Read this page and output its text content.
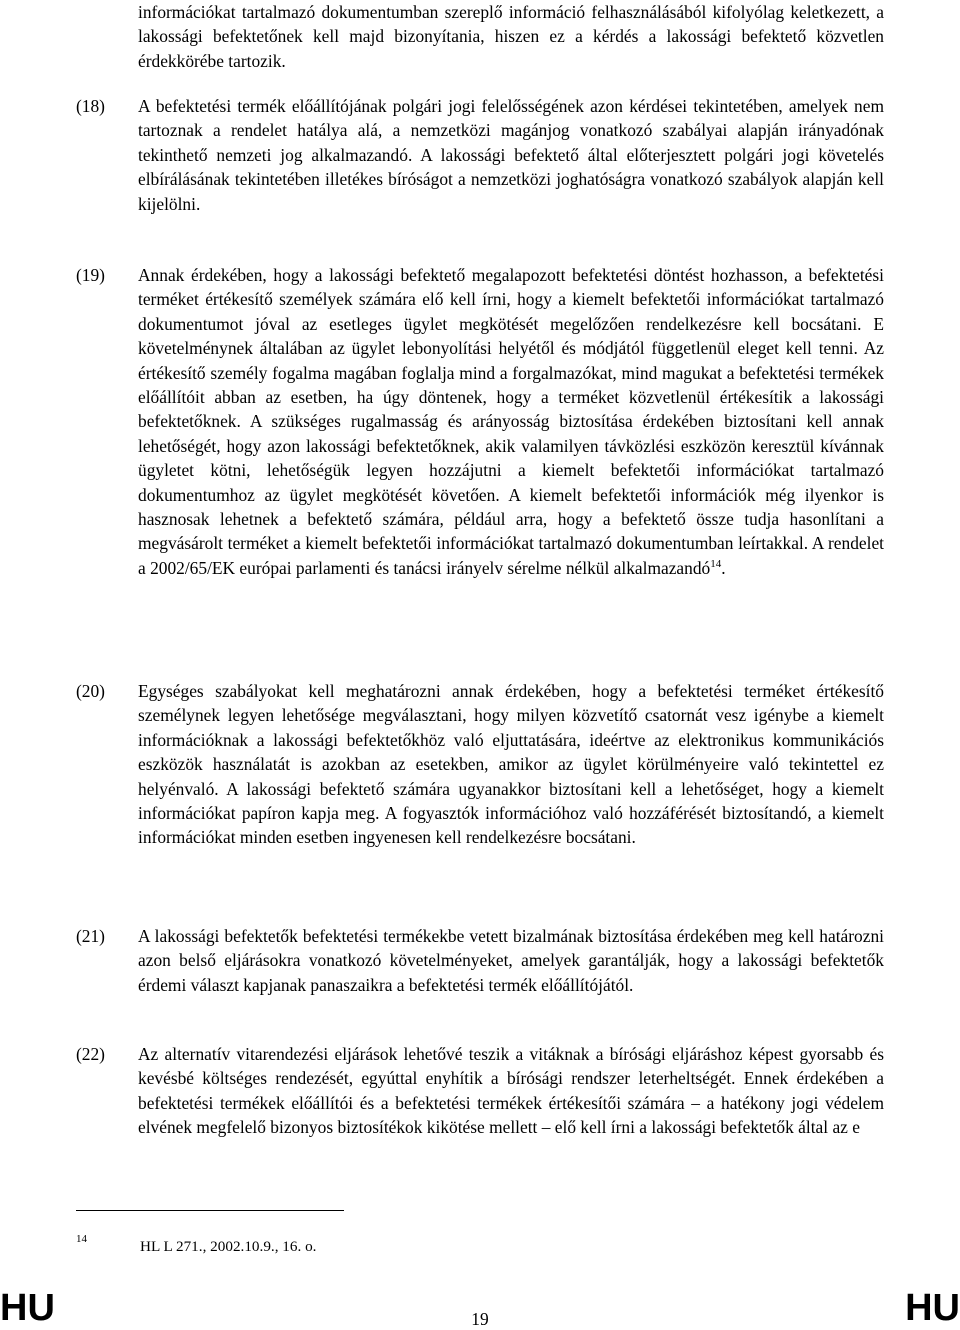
információkat tartalmazó dokumentumban szereplő információ felhasználásából kifolyólag keletkezett, a lakossági befektetőnek kell majd bizonyítania, hiszen ez a kérdés a lakossági befektető közvetlen érdekkörébe tartozik.

(18) A befektetési termék előállítójának polgári jogi felelősségének azon kérdései tekintetében, amelyek nem tartoznak a rendelet hatálya alá, a nemzetközi magánjog vonatkozó szabályai alapján irányadónak tekinthető nemzeti jog alkalmazandó. A lakossági befektető által előterjesztett polgári jogi követelés elbírálásának tekintetében illetékes bíróságot a nemzetközi joghatóságra vonatkozó szabályok alapján kell kijelölni.

(19) Annak érdekében, hogy a lakossági befektető megalapozott befektetési döntést hozhasson, a befektetési terméket értékesítő személyek számára elő kell írni, hogy a kiemelt befektetői információkat tartalmazó dokumentumot jóval az esetleges ügylet megkötését megelőzően rendelkezésre kell bocsátani. E követelménynek általában az ügylet lebonyolítási helyétől és módjától függetlenül eleget kell tenni. Az értékesítő személy fogalma magában foglalja mind a forgalmazókat, mind magukat a befektetési termékek előállítóit abban az esetben, ha úgy döntenek, hogy a terméket közvetlenül értékesítik a lakossági befektetőknek. A szükséges rugalmasság és arányosság biztosítása érdekében biztosítani kell annak lehetőségét, hogy azon lakossági befektetőknek, akik valamilyen távközlési eszközön keresztül kívánnak ügyletet kötni, lehetőségük legyen hozzájutni a kiemelt befektetői információkat tartalmazó dokumentumhoz az ügylet megkötését követően. A kiemelt befektetői információk még ilyenkor is hasznosak lehetnek a befektető számára, például arra, hogy a befektető össze tudja hasonlítani a megvásárolt terméket a kiemelt befektetői információkat tartalmazó dokumentumban leírtakkal. A rendelet a 2002/65/EK európai parlamenti és tanácsi irányelv sérelme nélkül alkalmazandó$^{14}$.

(20) Egységes szabályokat kell meghatározni annak érdekében, hogy a befektetési terméket értékesítő személynek legyen lehetősége megválasztani, hogy milyen közvetítő csatornát vesz igénybe a kiemelt információknak a lakossági befektetőkhöz való eljuttatására, ideértve az elektronikus kommunikációs eszközök használatát is azokban az esetekben, amikor az ügylet körülményeire való tekintettel ez helyénvaló. A lakossági befektető számára ugyanakkor biztosítani kell a lehetőséget, hogy a kiemelt információkat papíron kapja meg. A fogyasztók információhoz való hozzáférését biztosítandó, a kiemelt információkat minden esetben ingyenesen kell rendelkezésre bocsátani.

(21) A lakossági befektetők befektetési termékekbe vetett bizalmának biztosítása érdekében meg kell határozni azon belső eljárásokra vonatkozó követelményeket, amelyek garantálják, hogy a lakossági befektetők érdemi választ kapjanak panaszaikra a befektetési termék előállítójától.

(22) Az alternatív vitarendezési eljárások lehetővé teszik a vitáknak a bírósági eljáráshoz képest gyorsabb és kevésbé költséges rendezését, egyúttal enyhítik a bírósági rendszer leterheltségét. Ennek érdekében a befektetési termékek előállítói és a befektetési termékek értékesítői számára – a hatékony jogi védelem elvének megfelelő bizonyos biztosítékok kikötése mellett – elő kell írni a lakossági befektetők által az e

14	HL L 271., 2002.10.9., 16. o.
HU	19	HU
